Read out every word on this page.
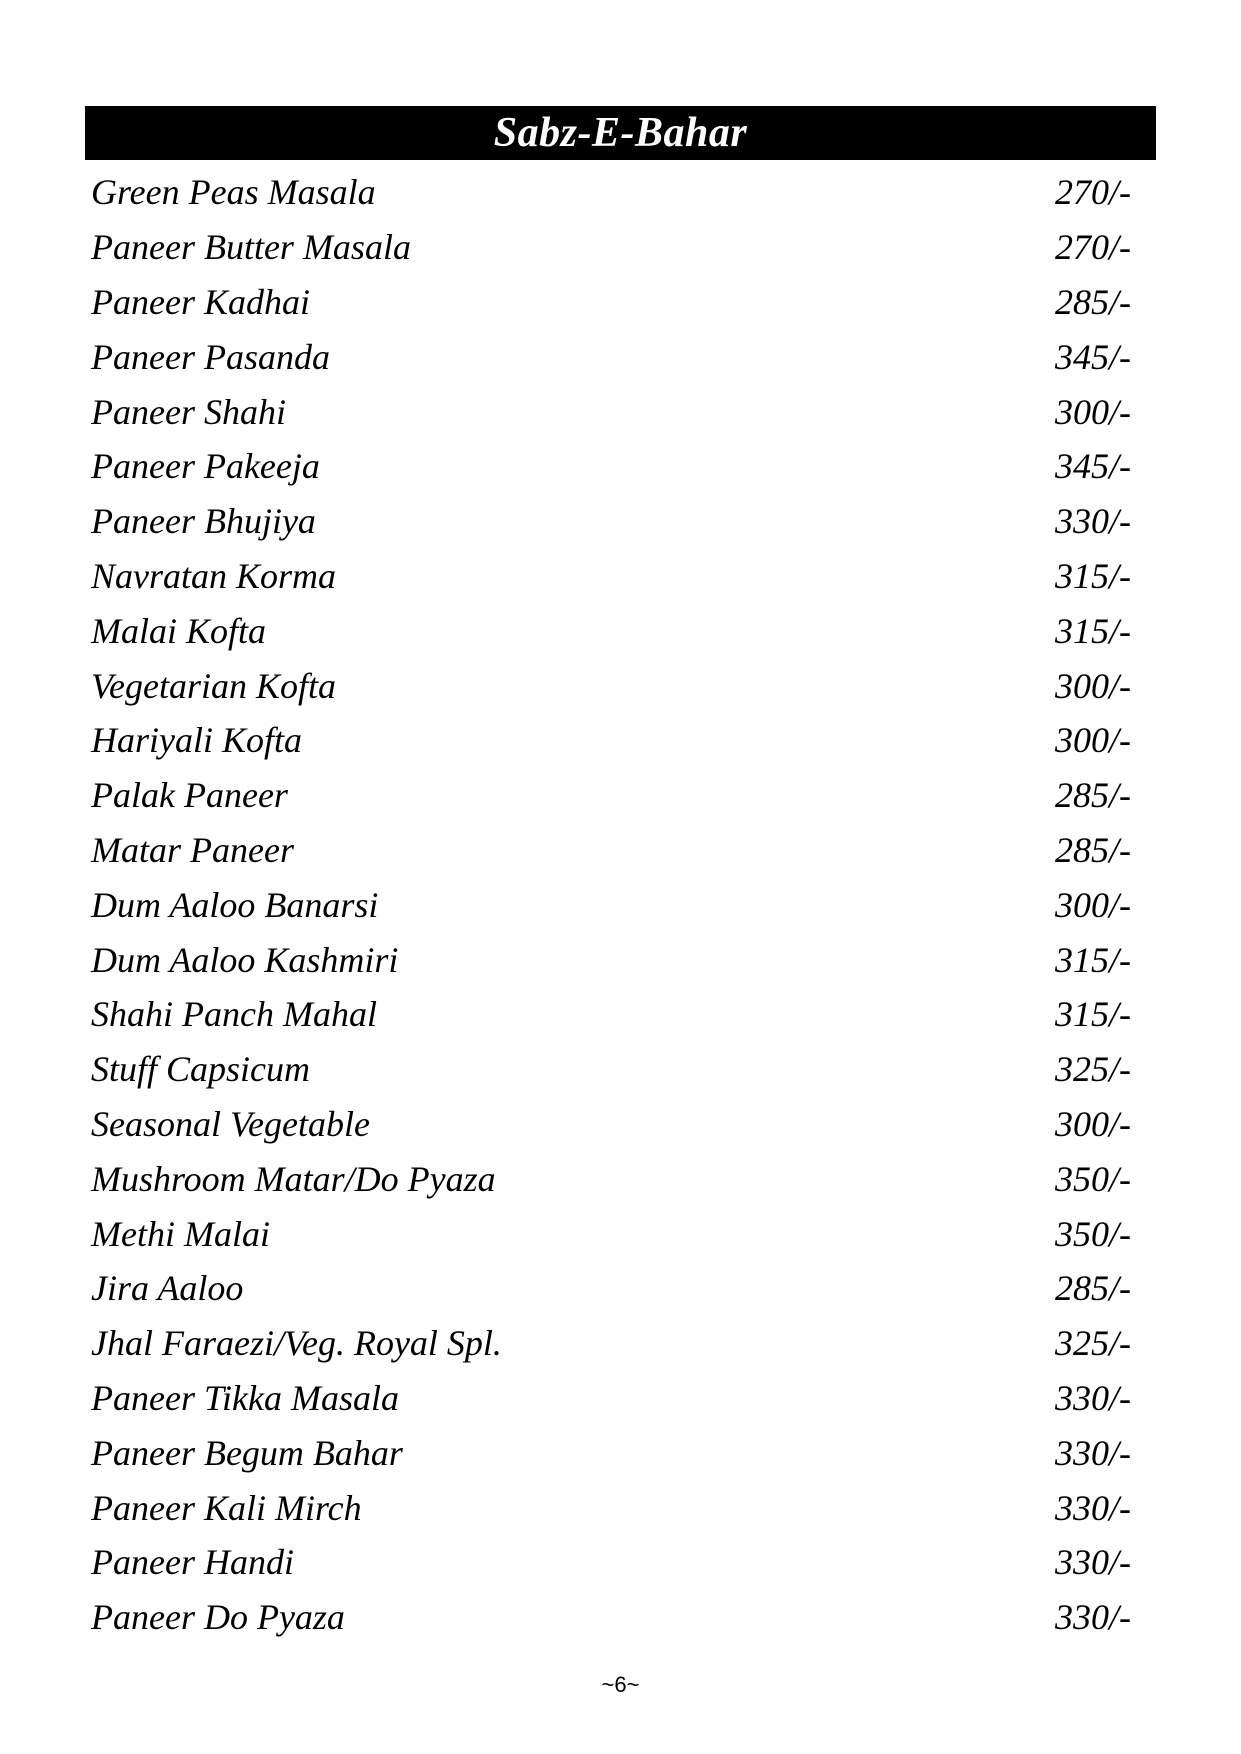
Sabz-E-Bahar
Green Peas Masala	270/-
Paneer Butter Masala	270/-
Paneer Kadhai	285/-
Paneer Pasanda	345/-
Paneer Shahi	300/-
Paneer Pakeeja	345/-
Paneer Bhujiya	330/-
Navratan Korma	315/-
Malai Kofta	315/-
Vegetarian Kofta	300/-
Hariyali Kofta	300/-
Palak Paneer	285/-
Matar Paneer	285/-
Dum Aaloo Banarsi	300/-
Dum Aaloo Kashmiri	315/-
Shahi Panch Mahal	315/-
Stuff Capsicum	325/-
Seasonal Vegetable	300/-
Mushroom Matar/Do Pyaza	350/-
Methi Malai	350/-
Jira Aaloo	285/-
Jhal Faraezi/Veg. Royal Spl.	325/-
Paneer Tikka Masala	330/-
Paneer Begum Bahar	330/-
Paneer Kali Mirch	330/-
Paneer Handi	330/-
Paneer Do Pyaza	330/-
~6~
